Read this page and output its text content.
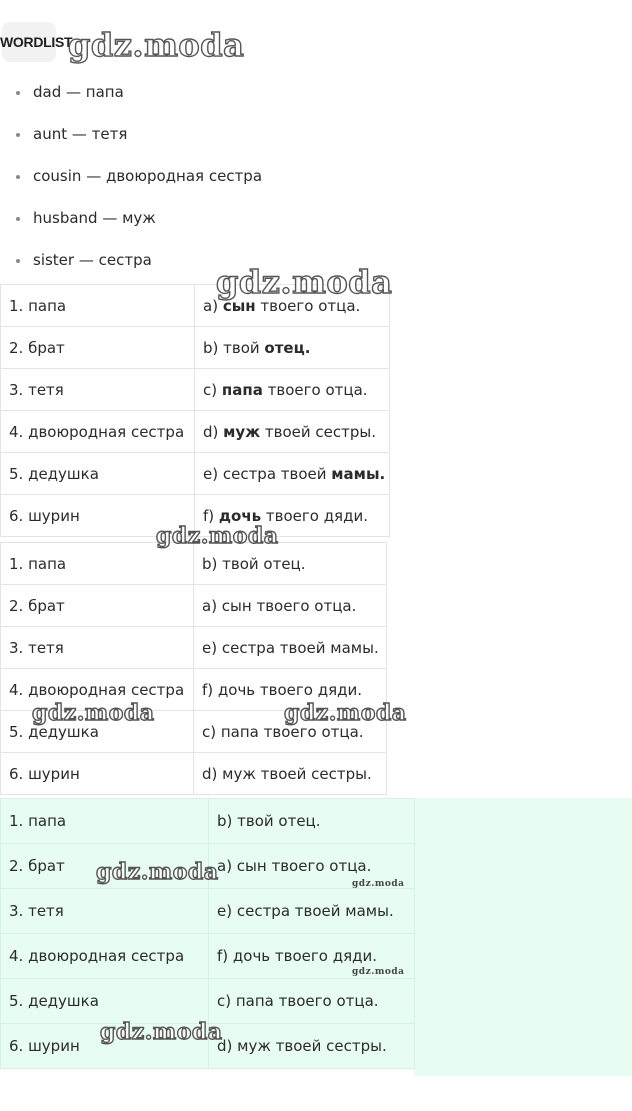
WORDLIST
dad — папа
aunt — тетя
cousin — двоюродная сестра
husband — муж
sister — сестра
1. папа	a) сын твоего отца.
2. брат	b) твой отец.
3. тетя	c) папа твоего отца.
4. двоюродная сестра	d) муж твоей сестры.
5. дедушка	e) сестра твоей мамы.
6. шурин	f) дочь твоего дяди.
1. папа	b) твой отец.
2. брат	a) сын твоего отца.
3. тетя	e) сестра твоей мамы.
4. двоюродная сестра	f) дочь твоего дяди.
5. дедушка	c) папа твоего отца.
6. шурин	d) муж твоей сестры.
1. папа	b) твой отец.
2. брат	a) сын твоего отца.
3. тетя	e) сестра твоей мамы.
4. двоюродная сестра	f) дочь твоего дяди.
5. дедушка	c) папа твоего отца.
6. шурин	d) муж твоей сестры.
gdz.moda
gdz.moda
gdz.moda
gdz.moda	gdz.moda
gdz.moda	gdz.moda
gdz.moda
gdz.moda
